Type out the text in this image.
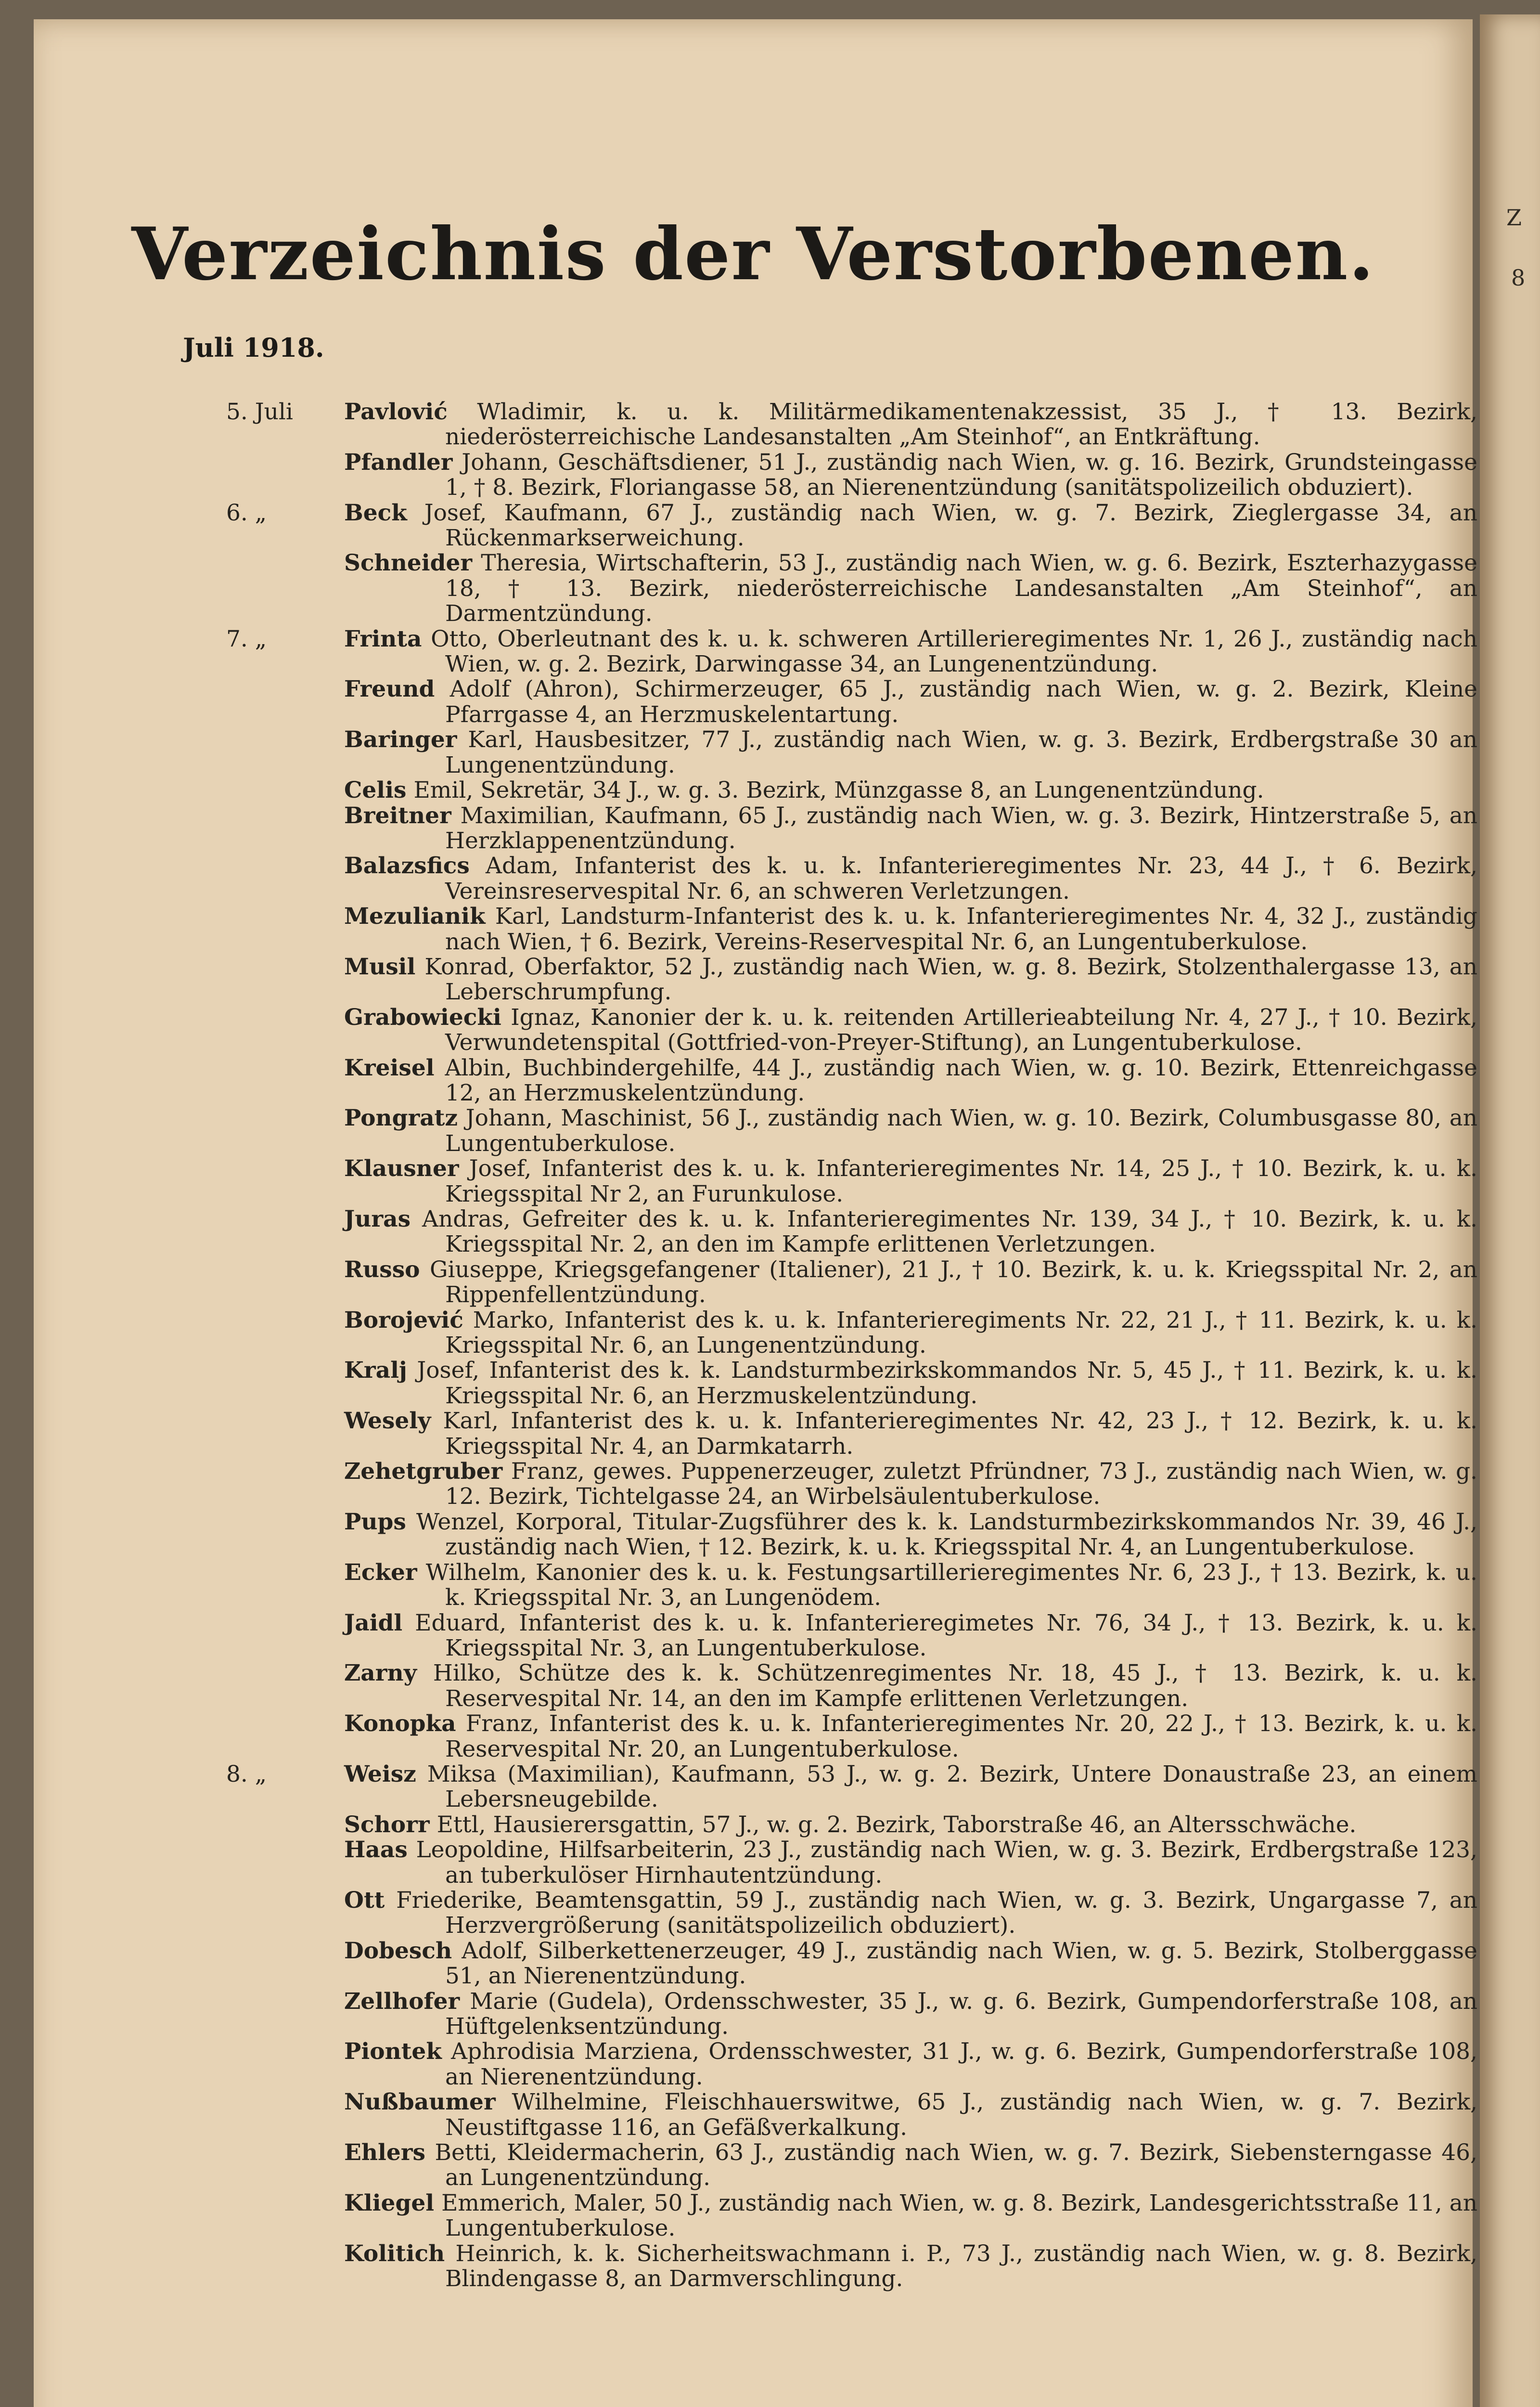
Verzeichnis der Verstorbenen.
Juli 1918.
5. Juli	Pavlović Wladimir, k. u. k. Militärmedikamentenakzessist, 35 J., † 13. Bezirk, niederösterreichische Landesanstalten „Am Steinhof“, an Entkräftung.
Pfandler Johann, Geschäftsdiener, 51 J., zuständig nach Wien, w. g. 16. Bezirk, Grundsteingasse 1, † 8. Bezirk, Floriangasse 58, an Nierenentzündung (sanitätspolizeilich obduziert).
6. „	Beck Josef, Kaufmann, 67 J., zuständig nach Wien, w. g. 7. Bezirk, Zieglergasse 34, an Rückenmarkserweichung.
Schneider Theresia, Wirtschafterin, 53 J., zuständig nach Wien, w. g. 6. Bezirk, Eszterhazygasse 18, † 13. Bezirk, niederösterreichische Landesanstalten „Am Steinhof“, an Darmentzündung.
7. „	Frinta Otto, Oberleutnant des k. u. k. schweren Artillerieregimentes Nr. 1, 26 J., zuständig nach Wien, w. g. 2. Bezirk, Darwingasse 34, an Lungenentzündung.
Freund Adolf (Ahron), Schirmerzeuger, 65 J., zuständig nach Wien, w. g. 2. Bezirk, Kleine Pfarrgasse 4, an Herzmuskelentartung.
Baringer Karl, Hausbesitzer, 77 J., zuständig nach Wien, w. g. 3. Bezirk, Erdbergstraße 30 an Lungenentzündung.
Celis Emil, Sekretär, 34 J., w. g. 3. Bezirk, Münzgasse 8, an Lungenentzündung.
Breitner Maximilian, Kaufmann, 65 J., zuständig nach Wien, w. g. 3. Bezirk, Hintzerstraße 5, an Herzklappenentzündung.
Balazsfics Adam, Infanterist des k. u. k. Infanterieregimentes Nr. 23, 44 J., † 6. Bezirk, Vereinsreservespital Nr. 6, an schweren Verletzungen.
Mezulianik Karl, Landsturm-Infanterist des k. u. k. Infanterieregimentes Nr. 4, 32 J., zuständig nach Wien, † 6. Bezirk, Vereins-Reservespital Nr. 6, an Lungentuberkulose.
Musil Konrad, Oberfaktor, 52 J., zuständig nach Wien, w. g. 8. Bezirk, Stolzenthalergasse 13, an Leberschrumpfung.
Grabowiecki Ignaz, Kanonier der k. u. k. reitenden Artillerieabteilung Nr. 4, 27 J., † 10. Bezirk, Verwundetenspital (Gottfried-von-Preyer-Stiftung), an Lungentuberkulose.
Kreisel Albin, Buchbindergehilfe, 44 J., zuständig nach Wien, w. g. 10. Bezirk, Ettenreichgasse 12, an Herzmuskelentzündung.
Pongratz Johann, Maschinist, 56 J., zuständig nach Wien, w. g. 10. Bezirk, Columbusgasse 80, an Lungentuberkulose.
Klausner Josef, Infanterist des k. u. k. Infanterieregimentes Nr. 14, 25 J., † 10. Bezirk, k. u. k. Kriegsspital Nr 2, an Furunkulose.
Juras Andras, Gefreiter des k. u. k. Infanterieregimentes Nr. 139, 34 J., † 10. Bezirk, k. u. k. Kriegsspital Nr. 2, an den im Kampfe erlittenen Verletzungen.
Russo Giuseppe, Kriegsgefangener (Italiener), 21 J., † 10. Bezirk, k. u. k. Kriegsspital Nr. 2, an Rippenfellentzündung.
Borojević Marko, Infanterist des k. u. k. Infanterieregiments Nr. 22, 21 J., † 11. Bezirk, k. u. k. Kriegsspital Nr. 6, an Lungenentzündung.
Kralj Josef, Infanterist des k. k. Landsturmbezirkskommandos Nr. 5, 45 J., † 11. Bezirk, k. u. k. Kriegsspital Nr. 6, an Herzmuskelentzündung.
Wesely Karl, Infanterist des k. u. k. Infanterieregimentes Nr. 42, 23 J., † 12. Bezirk, k. u. k. Kriegsspital Nr. 4, an Darmkatarrh.
Zehetgruber Franz, gewes. Puppenerzeuger, zuletzt Pfründner, 73 J., zuständig nach Wien, w. g. 12. Bezirk, Tichtelgasse 24, an Wirbelsäulentuberkulose.
Pups Wenzel, Korporal, Titular-Zugsführer des k. k. Landsturmbezirkskommandos Nr. 39, 46 J., zuständig nach Wien, † 12. Bezirk, k. u. k. Kriegsspital Nr. 4, an Lungentuberkulose.
Ecker Wilhelm, Kanonier des k. u. k. Festungsartillerieregimentes Nr. 6, 23 J., † 13. Bezirk, k. u. k. Kriegsspital Nr. 3, an Lungenödem.
Jaidl Eduard, Infanterist des k. u. k. Infanterieregimetes Nr. 76, 34 J., † 13. Bezirk, k. u. k. Kriegsspital Nr. 3, an Lungentuberkulose.
Zarny Hilko, Schütze des k. k. Schützenregimentes Nr. 18, 45 J., † 13. Bezirk, k. u. k. Reservespital Nr. 14, an den im Kampfe erlittenen Verletzungen.
Konopka Franz, Infanterist des k. u. k. Infanterieregimentes Nr. 20, 22 J., † 13. Bezirk, k. u. k. Reservespital Nr. 20, an Lungentuberkulose.
8. „	Weisz Miksa (Maximilian), Kaufmann, 53 J., w. g. 2. Bezirk, Untere Donaustraße 23, an einem Lebersneugebilde.
Schorr Ettl, Hausierersgattin, 57 J., w. g. 2. Bezirk, Taborstraße 46, an Altersschwäche.
Haas Leopoldine, Hilfsarbeiterin, 23 J., zuständig nach Wien, w. g. 3. Bezirk, Erdbergstraße 123, an tuberkulöser Hirnhautentzündung.
Ott Friederike, Beamtensgattin, 59 J., zuständig nach Wien, w. g. 3. Bezirk, Ungargasse 7, an Herzvergrößerung (sanitätspolizeilich obduziert).
Dobesch Adolf, Silberkettenerzeuger, 49 J., zuständig nach Wien, w. g. 5. Bezirk, Stolberggasse 51, an Nierenentzündung.
Zellhofer Marie (Gudela), Ordensschwester, 35 J., w. g. 6. Bezirk, Gumpendorferstraße 108, an Hüftgelenksentzündung.
Piontek Aphrodisia Marziena, Ordensschwester, 31 J., w. g. 6. Bezirk, Gumpendorferstraße 108, an Nierenentzündung.
Nußbaumer Wilhelmine, Fleischhauerswitwe, 65 J., zuständig nach Wien, w. g. 7. Bezirk, Neustiftgasse 116, an Gefäßverkalkung.
Ehlers Betti, Kleidermacherin, 63 J., zuständig nach Wien, w. g. 7. Bezirk, Siebensterngasse 46, an Lungenentzündung.
Kliegel Emmerich, Maler, 50 J., zuständig nach Wien, w. g. 8. Bezirk, Landesgerichtsstraße 11, an Lungentuberkulose.
Kolitich Heinrich, k. k. Sicherheitswachmann i. P., 73 J., zuständig nach Wien, w. g. 8. Bezirk, Blindengasse 8, an Darmverschlingung.
Z
8
